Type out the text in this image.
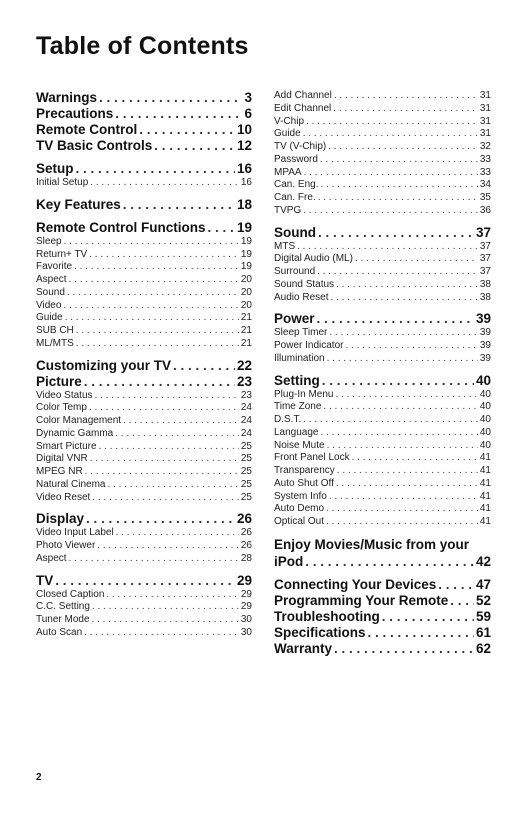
Table of Contents
Warnings . . .	3
Precautions . . .	6
Remote Control . . .	10
TV Basic Controls . . .	12
Setup . . .	16
Initial Setup . . .	16
Key Features . . .	18
Remote Control Functions . . . 19
Sleep . . .	19
Return+ TV . . .	19
Favorite . . .	19
Aspect . . .	20
Sound . . .	20
Video . . .	20
Guide . . .	21
SUB CH . . .	21
ML/MTS . . .	21
Customizing your TV . . .	22
Picture . . .	23
Video Status . . .	23
Color Temp . . .	24
Color Management . . .	24
Dynamic Gamma . . .	24
Smart Picture . . .	25
Digital VNR . . .	25
MPEG NR . . .	25
Natural Cinema . . .	25
Video Reset . . .	25
Display . . .	26
Video Input Label . . .	26
Photo Viewer . . .	26
Aspect . . .	28
TV . . .	29
Closed Caption . . .	29
C.C. Setting . . .	29
Tuner Mode . . .	30
Auto Scan . . .	30
Add Channel . . .	31
Edit Channel . . .	31
V-Chip . . .	31
Guide . . .	31
TV (V-Chip) . . .	32
Password . . .	33
MPAA . . .	33
Can. Eng. . . .	34
Can. Fre. . . .	35
TVPG . . .	36
Sound . . .	37
MTS . . .	37
Digital Audio (ML) . . .	37
Surround . . .	37
Sound Status . . .	38
Audio Reset . . .	38
Power . . .	39
Sleep Timer . . .	39
Power Indicator . . .	39
Illumination . . .	39
Setting . . .	40
Plug-In Menu . . .	40
Time Zone . . .	40
D.S.T. . . .	40
Language . . .	40
Noise Mute . . .	40
Front Panel Lock . . .	41
Transparency . . .	41
Auto Shut Off . . .	41
System Info . . .	41
Auto Demo . . .	41
Optical Out . . .	41
Enjoy Movies/Music from your
iPod . . .	42
Connecting Your Devices . . .	47
Programming Your Remote . . . 52
Troubleshooting . . .	59
Specifications . . .	61
Warranty . . .	62
2
